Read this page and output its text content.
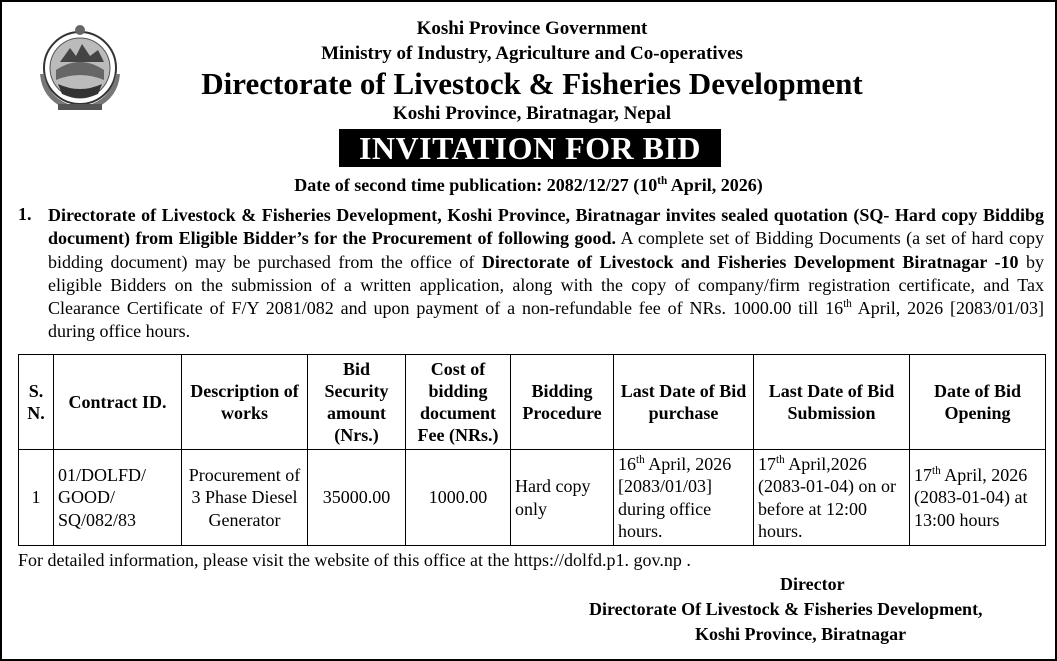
Koshi Province Government
Ministry of Industry, Agriculture and Co-operatives
Directorate of Livestock & Fisheries Development
Koshi Province, Biratnagar, Nepal
INVITATION FOR BID
Date of second time publication: 2082/12/27 (10th April, 2026)
1. Directorate of Livestock & Fisheries Development, Koshi Province, Biratnagar invites sealed quotation (SQ- Hard copy Biddibg document) from Eligible Bidder’s for the Procurement of following good. A complete set of Bidding Documents (a set of hard copy bidding document) may be purchased from the office of Directorate of Livestock and Fisheries Development Biratnagar -10 by eligible Bidders on the submission of a written application, along with the copy of company/firm registration certificate, and Tax Clearance Certificate of F/Y 2081/082 and upon payment of a non-refundable fee of NRs. 1000.00 till 16th April, 2026 [2083/01/03] during office hours.
S. N.	Contract ID.	Description of works	Bid Security amount (Nrs.)	Cost of bidding document Fee (NRs.)	Bidding Procedure	Last Date of Bid purchase	Last Date of Bid Submission	Date of Bid Opening
1	01/DOLFD/ GOOD/ SQ/082/83	Procurement of 3 Phase Diesel Generator	35000.00	1000.00	Hard copy only	16th April, 2026 [2083/01/03] during office hours.	17th April,2026 (2083-01-04) on or before at 12:00 hours.	17th April, 2026 (2083-01-04) at 13:00 hours
For detailed information, please visit the website of this office at the https://dolfd.p1. gov.np .
Director
Directorate Of Livestock & Fisheries Development,
Koshi Province, Biratnagar
